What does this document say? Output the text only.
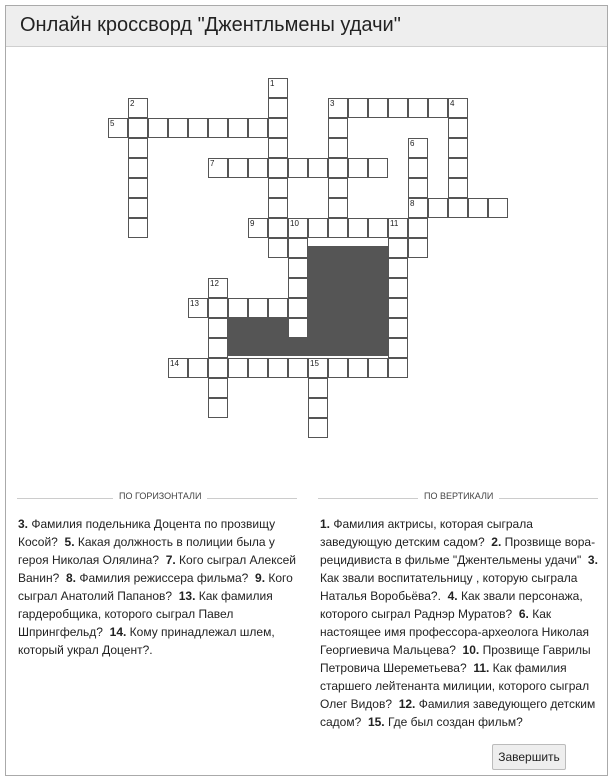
Онлайн кроссворд "Джентльмены удачи"
1
2	3	4
5
6
7
8
9	10	11
12
13
14	15
ПО ГОРИЗОНТАЛИ	ПО ВЕРТИКАЛИ
3. Фамилия подельника Доцента по прозвищу Косой? 5. Какая должность в полиции была у героя Николая Олялина? 7. Кого сыграл Алексей Ванин? 8. Фамилия режиссера фильма? 9. Кого сыграл Анатолий Папанов? 13. Как фамилия гардеробщика, которого сыграл Павел Шпрингфельд? 14. Кому принадлежал шлем, который украл Доцент?.
1. Фамилия актрисы, которая сыграла заведующую детским садом? 2. Прозвище вора-рецидивиста в фильме "Джентельмены удачи" 3. Как звали воспитательницу , которую сыграла Наталья Воробьёва?. 4. Как звали персонажа, которого сыграл Раднэр Муратов? 6. Как настоящее имя профессора-археолога Николая Георгиевича Мальцева? 10. Прозвище Гаврилы Петровича Шереметьева? 11. Как фамилия старшего лейтенанта милиции, которого сыграл Олег Видов? 12. Фамилия заведующего детским садом? 15. Где был создан фильм?
Завершить
